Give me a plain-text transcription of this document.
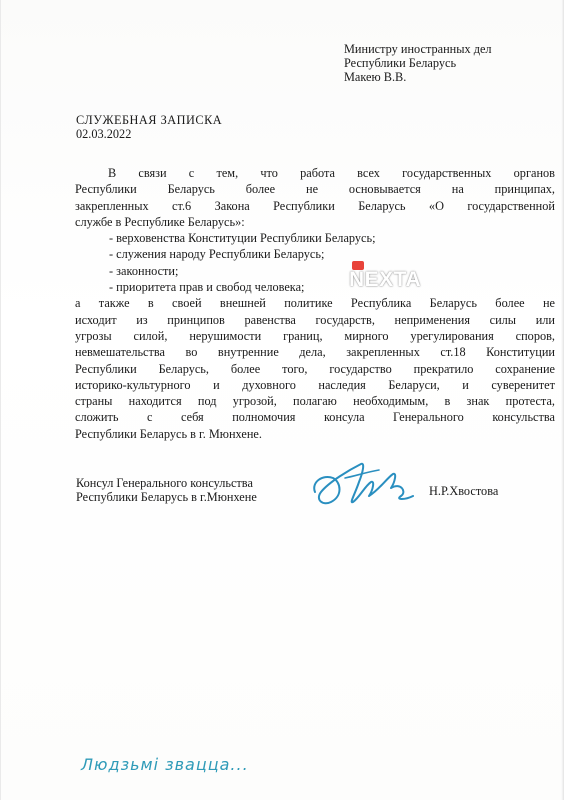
Министру иностранных дел
Республики Беларусь
Макею В.В.
СЛУЖЕБНАЯ ЗАПИСКА
02.03.2022

В связи с тем, что работа всех государственных органов

Республики Беларусь более не основывается на принципах,

закрепленных ст.6 Закона Республики Беларусь «О государственной

службе в Республике Беларусь»:

- верховенства Конституции Республики Беларусь;

- служения народу Республики Беларусь;

- законности;

- приоритета прав и свобод человека;

а также в своей внешней политике Республика Беларусь более не

исходит из принципов равенства государств, неприменения силы или

угрозы силой, нерушимости границ, мирного урегулирования споров,

невмешательства во внутренние дела, закрепленных ст.18 Конституции

Республики Беларусь, более того, государство прекратило сохранение

историко-культурного и духовного наследия Беларуси, и суверенитет

страны находится под угрозой, полагаю необходимым, в знак протеста,

сложить с себя полномочия консула Генерального консульства

Республики Беларусь в г. Мюнхене.

NEXTA
Консул Генерального консульства
Республики Беларусь в г.Мюнхене	Н.Р.Хвостова
Людзьмі звацца...
